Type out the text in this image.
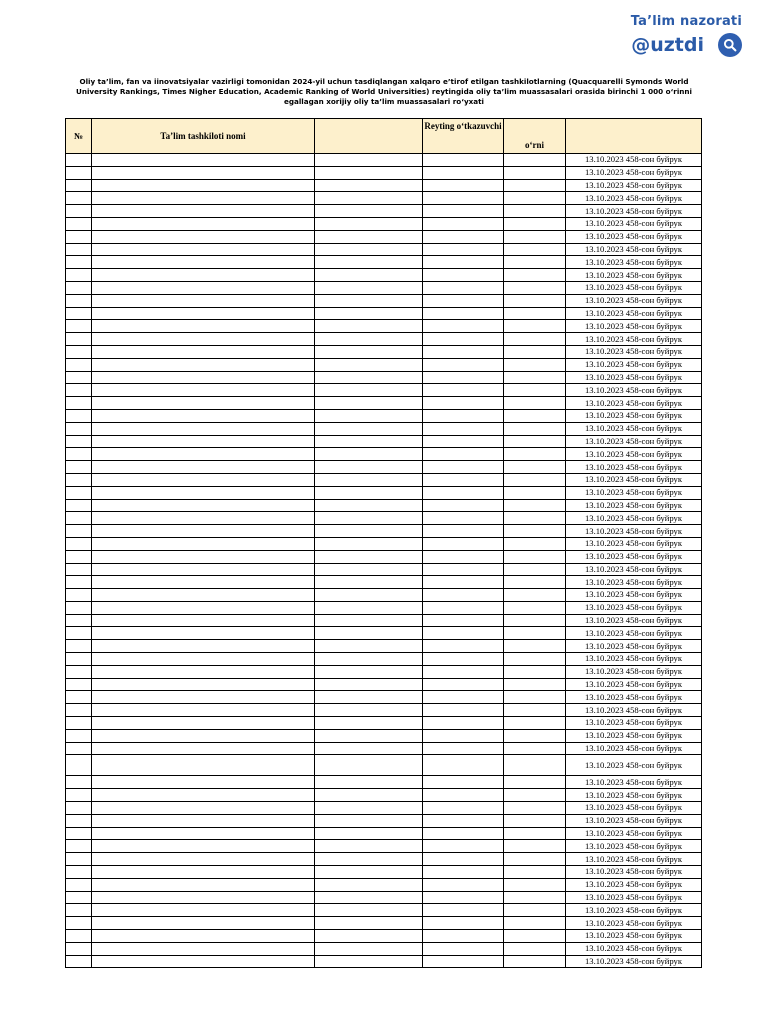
Ta’lim nazorati
@uztdi
Oliy ta’lim, fan va iinovatsiyalar vazirligi tomonidan 2024-yil uchun tasdiqlangan xalqaro e’tirof etilgan tashkilotlarning (Quacquarelli Symonds World University Rankings, Times Nigher Education, Academic Ranking of World Universities) reytingida oliy ta’lim muassasalari orasida birinchi 1 000 o‘rinni egallagan xorijiy oliy ta’lim muassasalari ro‘yxati
№	Ta’lim tashkiloti nomi		Reyting o‘tkazuvchi	o‘rni	
					13.10.2023 458-сон буйрук
					13.10.2023 458-сон буйрук
					13.10.2023 458-сон буйрук
					13.10.2023 458-сон буйрук
					13.10.2023 458-сон буйрук
					13.10.2023 458-сон буйрук
					13.10.2023 458-сон буйрук
					13.10.2023 458-сон буйрук
					13.10.2023 458-сон буйрук
					13.10.2023 458-сон буйрук
					13.10.2023 458-сон буйрук
					13.10.2023 458-сон буйрук
					13.10.2023 458-сон буйрук
					13.10.2023 458-сон буйрук
					13.10.2023 458-сон буйрук
					13.10.2023 458-сон буйрук
					13.10.2023 458-сон буйрук
					13.10.2023 458-сон буйрук
					13.10.2023 458-сон буйрук
					13.10.2023 458-сон буйрук
					13.10.2023 458-сон буйрук
					13.10.2023 458-сон буйрук
					13.10.2023 458-сон буйрук
					13.10.2023 458-сон буйрук
					13.10.2023 458-сон буйрук
					13.10.2023 458-сон буйрук
					13.10.2023 458-сон буйрук
					13.10.2023 458-сон буйрук
					13.10.2023 458-сон буйрук
					13.10.2023 458-сон буйрук
					13.10.2023 458-сон буйрук
					13.10.2023 458-сон буйрук
					13.10.2023 458-сон буйрук
					13.10.2023 458-сон буйрук
					13.10.2023 458-сон буйрук
					13.10.2023 458-сон буйрук
					13.10.2023 458-сон буйрук
					13.10.2023 458-сон буйрук
					13.10.2023 458-сон буйрук
					13.10.2023 458-сон буйрук
					13.10.2023 458-сон буйрук
					13.10.2023 458-сон буйрук
					13.10.2023 458-сон буйрук
					13.10.2023 458-сон буйрук
					13.10.2023 458-сон буйрук
					13.10.2023 458-сон буйрук
					13.10.2023 458-сон буйрук
					13.10.2023 458-сон буйрук
					13.10.2023 458-сон буйрук
					13.10.2023 458-сон буйрук
					13.10.2023 458-сон буйрук
					13.10.2023 458-сон буйрук
					13.10.2023 458-сон буйрук
					13.10.2023 458-сон буйрук
					13.10.2023 458-сон буйрук
					13.10.2023 458-сон буйрук
					13.10.2023 458-сон буйрук
					13.10.2023 458-сон буйрук
					13.10.2023 458-сон буйрук
					13.10.2023 458-сон буйрук
					13.10.2023 458-сон буйрук
					13.10.2023 458-сон буйрук
					13.10.2023 458-сон буйрук
